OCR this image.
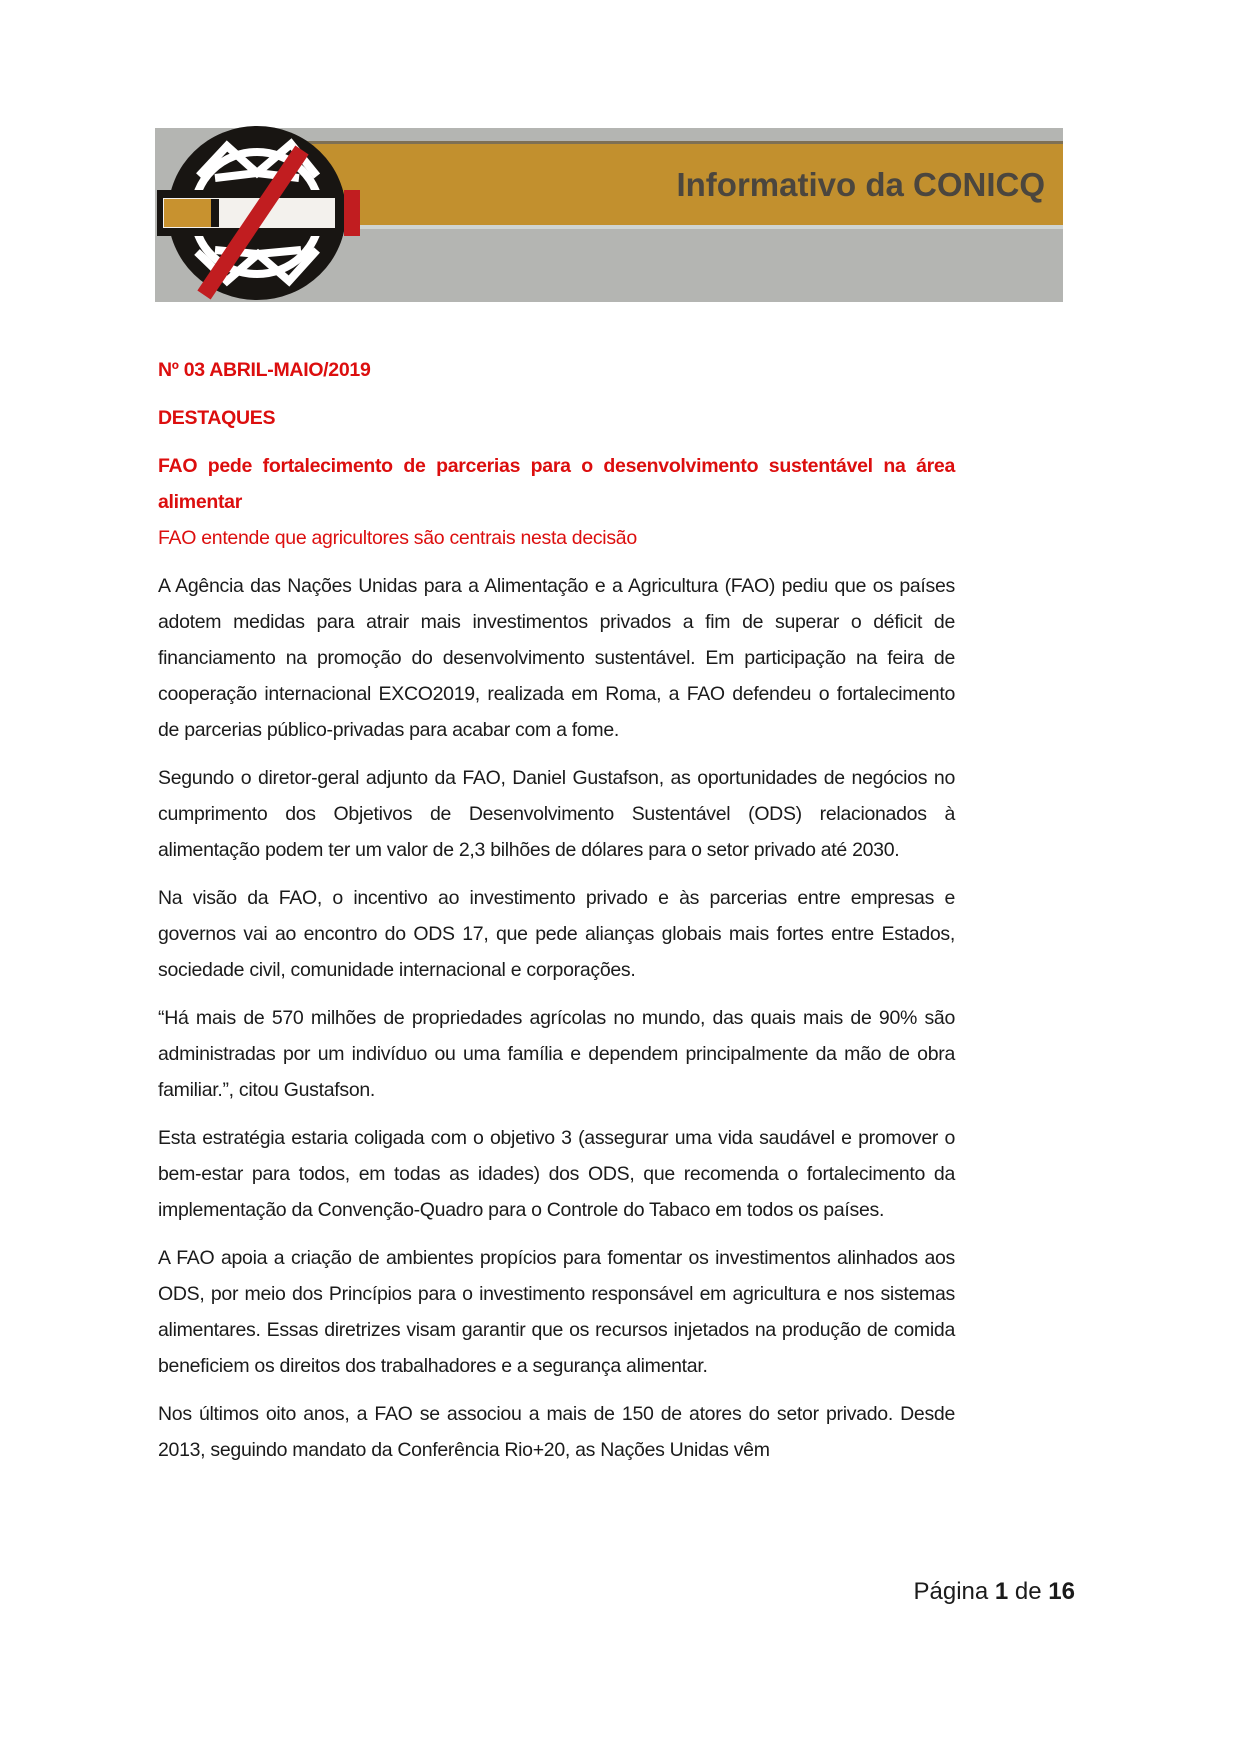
Informativo da CONICQ

Nº 03 ABRIL-MAIO/2019

DESTAQUES

FAO pede fortalecimento de parcerias para o desenvolvimento sustentável na área alimentar

FAO entende que agricultores são centrais nesta decisão

A Agência das Nações Unidas para a Alimentação e a Agricultura (FAO) pediu que os países adotem medidas para atrair mais investimentos privados a fim de superar o déficit de financiamento na promoção do desenvolvimento sustentável. Em participação na feira de cooperação internacional EXCO2019, realizada em Roma, a FAO defendeu o fortalecimento de parcerias público-privadas para acabar com a fome.

Segundo o diretor-geral adjunto da FAO, Daniel Gustafson, as oportunidades de negócios no cumprimento dos Objetivos de Desenvolvimento Sustentável (ODS) relacionados à alimentação podem ter um valor de 2,3 bilhões de dólares para o setor privado até 2030.

Na visão da FAO, o incentivo ao investimento privado e às parcerias entre empresas e governos vai ao encontro do ODS 17, que pede alianças globais mais fortes entre Estados, sociedade civil, comunidade internacional e corporações.

“Há mais de 570 milhões de propriedades agrícolas no mundo, das quais mais de 90% são administradas por um indivíduo ou uma família e dependem principalmente da mão de obra familiar.”, citou Gustafson.

Esta estratégia estaria coligada com o objetivo 3 (assegurar uma vida saudável e promover o bem-estar para todos, em todas as idades) dos ODS, que recomenda o fortalecimento da implementação da Convenção-Quadro para o Controle do Tabaco em todos os países.

A FAO apoia a criação de ambientes propícios para fomentar os investimentos alinhados aos ODS, por meio dos Princípios para o investimento responsável em agricultura e nos sistemas alimentares. Essas diretrizes visam garantir que os recursos injetados na produção de comida beneficiem os direitos dos trabalhadores e a segurança alimentar.

Nos últimos oito anos, a FAO se associou a mais de 150 de atores do setor privado. Desde 2013, seguindo mandato da Conferência Rio+20, as Nações Unidas vêm

Página 1 de 16
